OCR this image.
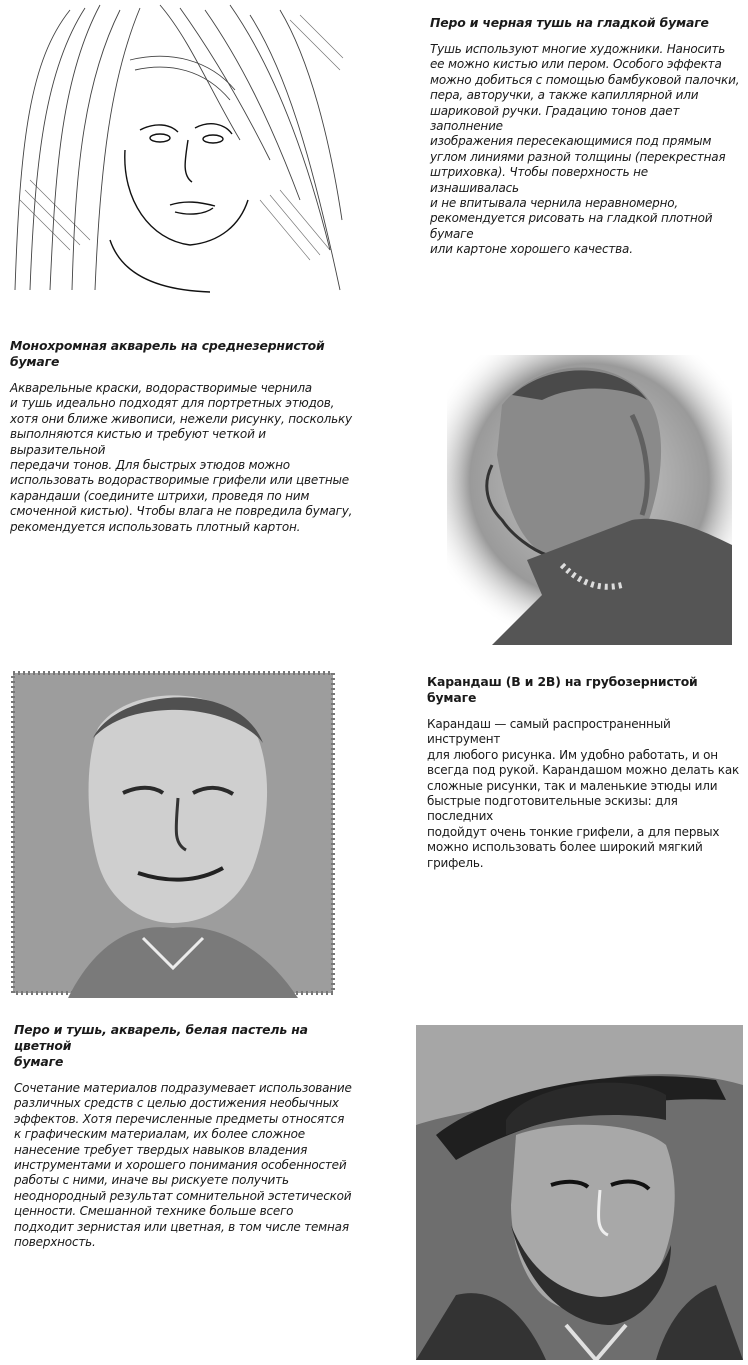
Перо и черная тушь на гладкой бумаге

Тушь используют многие художники. Наносить
ее можно кистью или пером. Особого эффекта
можно добиться с помощью бамбуковой палочки,
пера, авторучки, а также капиллярной или
шариковой ручки. Градацию тонов дает заполнение
изображения пересекающимися под прямым
углом линиями разной толщины (перекрестная
штриховка). Чтобы поверхность не изнашивалась
и не впитывала чернила неравномерно,
рекомендуется рисовать на гладкой плотной бумаге
или картоне хорошего качества.

Монохромная акварель на среднезернистой бумаге

Акварельные краски, водорастворимые чернила
и тушь идеально подходят для портретных этюдов,
хотя они ближе живописи, нежели рисунку, поскольку
выполняются кистью и требуют четкой и выразительной
передачи тонов. Для быстрых этюдов можно
использовать водорастворимые грифели или цветные
карандаши (соедините штрихи, проведя по ним
смоченной кистью). Чтобы влага не повредила бумагу,
рекомендуется использовать плотный картон.

Карандаш (В и 2В) на грубозернистой бумаге

Карандаш — самый распространенный инструмент
для любого рисунка. Им удобно работать, и он
всегда под рукой. Карандашом можно делать как
сложные рисунки, так и маленькие этюды или
быстрые подготовительные эскизы: для последних
подойдут очень тонкие грифели, а для первых
можно использовать более широкий мягкий
грифель.

Перо и тушь, акварель, белая пастель на цветной
бумаге

Сочетание материалов подразумевает использование
различных средств с целью достижения необычных
эффектов. Хотя перечисленные предметы относятся
к графическим материалам, их более сложное
нанесение требует твердых навыков владения
инструментами и хорошего понимания особенностей
работы с ними, иначе вы рискуете получить
неоднородный результат сомнительной эстетической
ценности. Смешанной технике больше всего
подходит зернистая или цветная, в том числе темная
поверхность.
